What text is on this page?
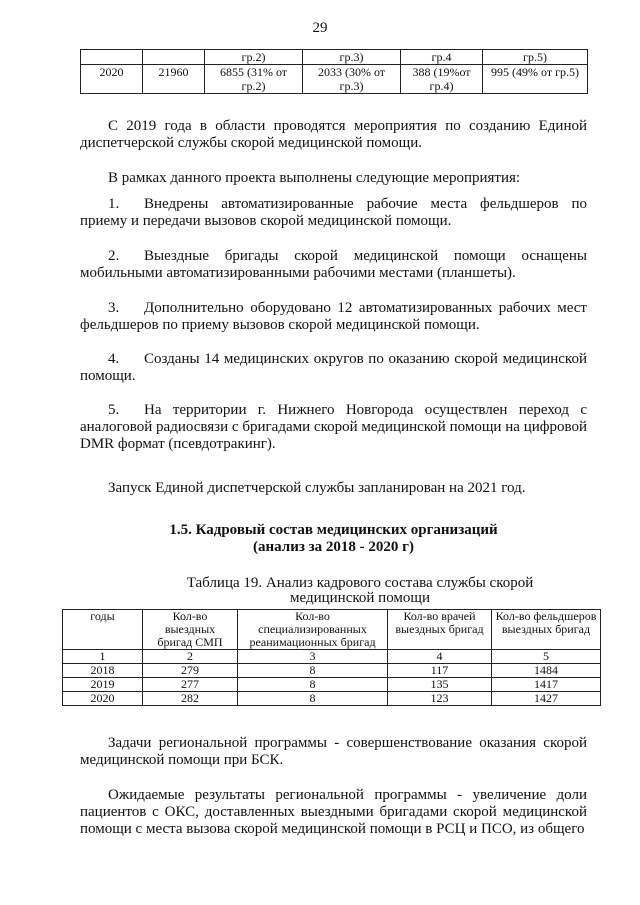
29
		гр.2)	гр.3)	гр.4	гр.5)
2020	21960	6855 (31% от гр.2)	2033 (30% от гр.3)	388 (19%от гр.4)	995 (49% от гр.5)

С 2019 года в области проводятся мероприятия по созданию Единой диспетчерской службы скорой медицинской помощи.

В рамках данного проекта выполнены следующие мероприятия:

1. Внедрены автоматизированные рабочие места фельдшеров по приему и передачи вызовов скорой медицинской помощи.

2. Выездные бригады скорой медицинской помощи оснащены мобильными автоматизированными рабочими местами (планшеты).

3. Дополнительно оборудовано 12 автоматизированных рабочих мест фельдшеров по приему вызовов скорой медицинской помощи.

4. Созданы 14 медицинских округов по оказанию скорой медицинской помощи.

5. На территории г. Нижнего Новгорода осуществлен переход с аналоговой радиосвязи с бригадами скорой медицинской помощи на цифровой DMR формат (псевдотракинг).

Запуск Единой диспетчерской службы запланирован на 2021 год.

1.5. Кадровый состав медицинских организаций
(анализ за 2018 - 2020 г)
Таблица 19. Анализ кадрового состава службы скорой медицинской помощи
годы	Кол-во выездных бригад СМП	Кол-во специализированных реанимационных бригад	Кол-во врачей выездных бригад	Кол-во фельдшеров выездных бригад
1	2	3	4	5
2018	279	8	117	1484
2019	277	8	135	1417
2020	282	8	123	1427

Задачи региональной программы - совершенствование оказания скорой медицинской помощи при БСК.

Ожидаемые результаты региональной программы - увеличение доли пациентов с ОКС, доставленных выездными бригадами скорой медицинской помощи с места вызова скорой медицинской помощи в РСЦ и ПСО, из общего
